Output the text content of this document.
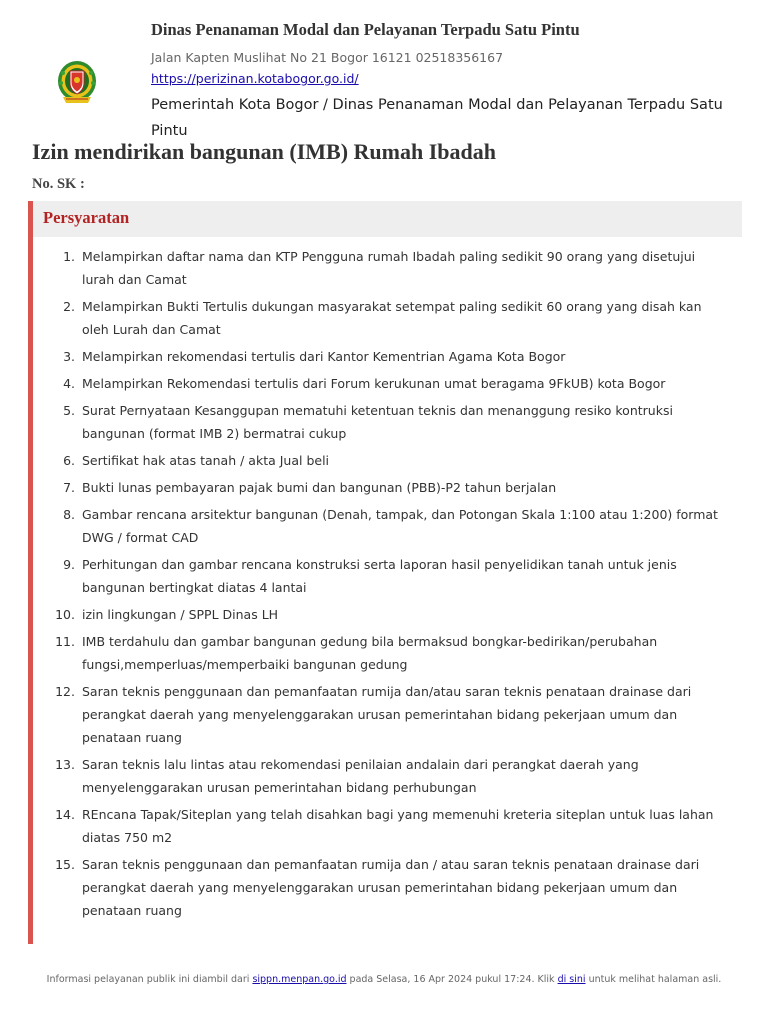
Dinas Penanaman Modal dan Pelayanan Terpadu Satu Pintu
Jalan Kapten Muslihat No 21 Bogor 16121 02518356167
https://perizinan.kotabogor.go.id/
Pemerintah Kota Bogor / Dinas Penanaman Modal dan Pelayanan Terpadu Satu Pintu
Izin mendirikan bangunan (IMB) Rumah Ibadah
No. SK :
Persyaratan
1. Melampirkan daftar nama dan KTP Pengguna rumah Ibadah paling sedikit 90 orang yang disetujui lurah dan Camat
2. Melampirkan Bukti Tertulis dukungan masyarakat setempat paling sedikit 60 orang yang disah kan oleh Lurah dan Camat
3. Melampirkan rekomendasi tertulis dari Kantor Kementrian Agama Kota Bogor
4. Melampirkan Rekomendasi tertulis dari Forum kerukunan umat beragama 9FkUB) kota Bogor
5. Surat Pernyataan Kesanggupan mematuhi ketentuan teknis dan menanggung resiko kontruksi bangunan (format IMB 2) bermatrai cukup
6. Sertifikat hak atas tanah / akta Jual beli
7. Bukti lunas pembayaran pajak bumi dan bangunan (PBB)-P2 tahun berjalan
8. Gambar rencana arsitektur bangunan (Denah, tampak, dan Potongan Skala 1:100 atau 1:200) format DWG / format CAD
9. Perhitungan dan gambar rencana konstruksi serta laporan hasil penyelidikan tanah untuk jenis bangunan bertingkat diatas 4 lantai
10. izin lingkungan / SPPL Dinas LH
11. IMB terdahulu dan gambar bangunan gedung bila bermaksud bongkar-bedirikan/perubahan fungsi,memperluas/memperbaiki bangunan gedung
12. Saran teknis penggunaan dan pemanfaatan rumija dan/atau saran teknis penataan drainase dari perangkat daerah yang menyelenggarakan urusan pemerintahan bidang pekerjaan umum dan penataan ruang
13. Saran teknis lalu lintas atau rekomendasi penilaian andalain dari perangkat daerah yang menyelenggarakan urusan pemerintahan bidang perhubungan
14. REncana Tapak/Siteplan yang telah disahkan bagi yang memenuhi kreteria siteplan untuk luas lahan diatas 750 m2
15. Saran teknis penggunaan dan pemanfaatan rumija dan / atau saran teknis penataan drainase dari perangkat daerah yang menyelenggarakan urusan pemerintahan bidang pekerjaan umum dan penataan ruang
Informasi pelayanan publik ini diambil dari sippn.menpan.go.id pada Selasa, 16 Apr 2024 pukul 17:24. Klik di sini untuk melihat halaman asli.
